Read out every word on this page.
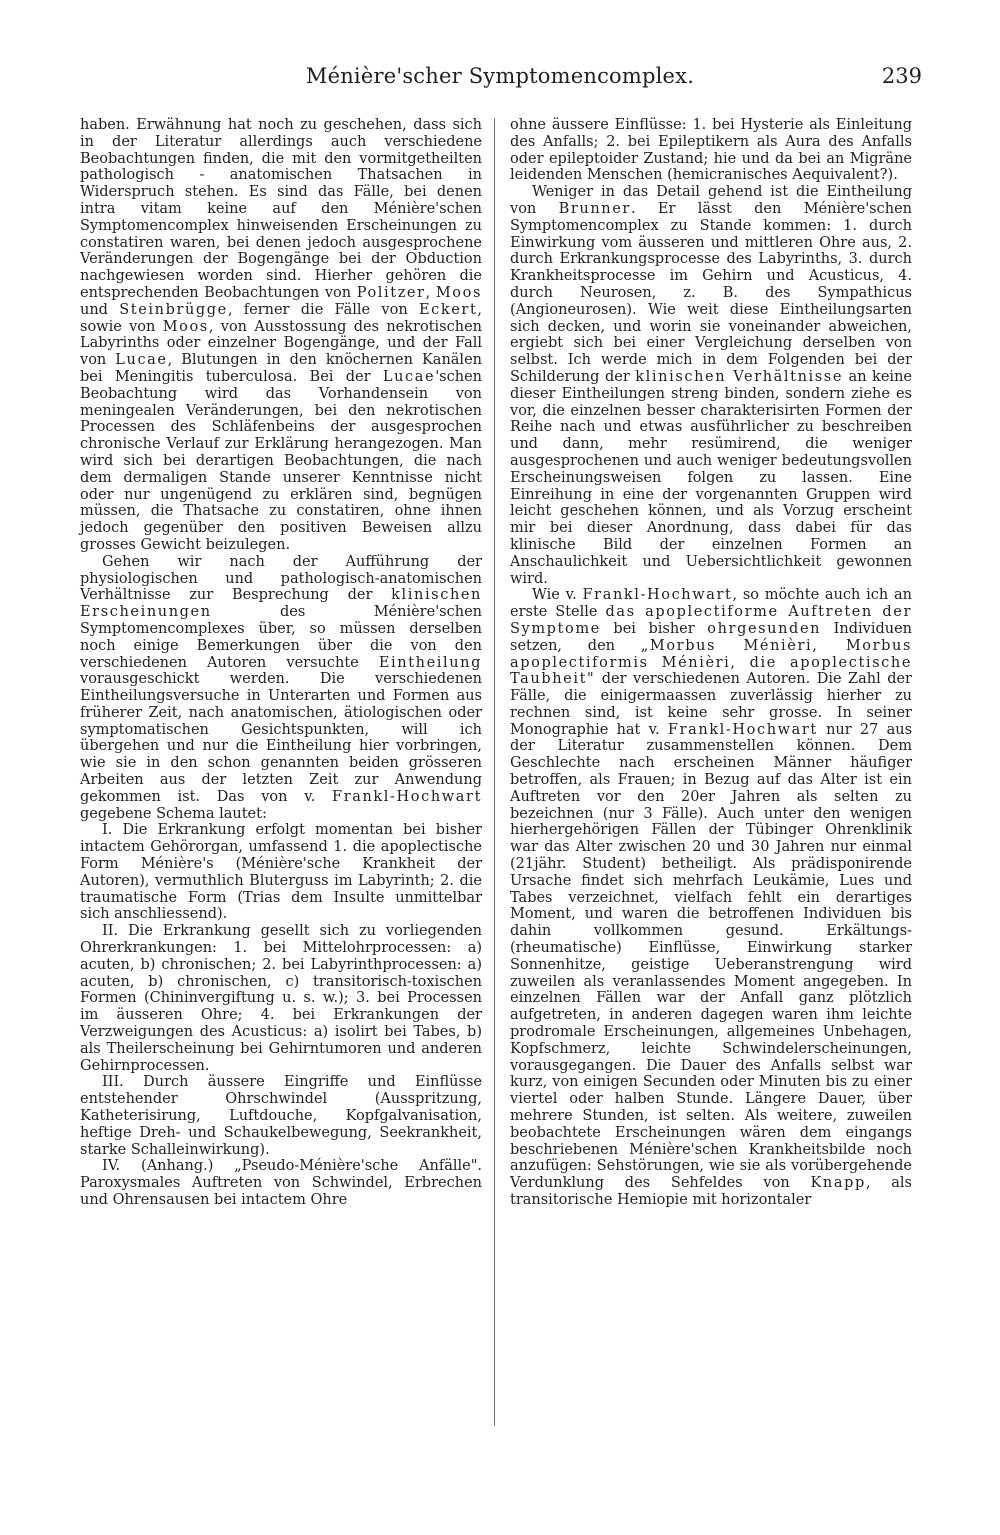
Ménière'scher Symptomencomplex.	239

haben. Erwähnung hat noch zu geschehen, dass sich in der Literatur allerdings auch verschiedene Beobachtungen finden, die mit den vormitgetheilten pathologisch - anatomischen Thatsachen in Widerspruch stehen. Es sind das Fälle, bei denen intra vitam keine auf den Ménière'schen Symptomencomplex hinweisenden Erscheinungen zu constatiren waren, bei denen jedoch ausgesprochene Veränderungen der Bogengänge bei der Obduction nachgewiesen worden sind. Hierher gehören die entsprechenden Beobachtungen von Politzer, Moos und Steinbrügge, ferner die Fälle von Eckert, sowie von Moos, von Ausstossung des nekrotischen Labyrinths oder einzelner Bogengänge, und der Fall von Lucae, Blutungen in den knöchernen Kanälen bei Meningitis tuberculosa. Bei der Lucae'schen Beobachtung wird das Vorhandensein von meningealen Veränderungen, bei den nekrotischen Processen des Schläfenbeins der ausgesprochen chronische Verlauf zur Erklärung herangezogen. Man wird sich bei derartigen Beobachtungen, die nach dem dermaligen Stande unserer Kenntnisse nicht oder nur ungenügend zu erklären sind, begnügen müssen, die Thatsache zu constatiren, ohne ihnen jedoch gegenüber den positiven Beweisen allzu grosses Gewicht beizulegen.

Gehen wir nach der Aufführung der physiologischen und pathologisch-anatomischen Verhältnisse zur Besprechung der klinischen Erscheinungen des Ménière'schen Symptomencomplexes über, so müssen derselben noch einige Bemerkungen über die von den verschiedenen Autoren versuchte Eintheilung vorausgeschickt werden. Die verschiedenen Eintheilungsversuche in Unterarten und Formen aus früherer Zeit, nach anatomischen, ätiologischen oder symptomatischen Gesichtspunkten, will ich übergehen und nur die Eintheilung hier vorbringen, wie sie in den schon genannten beiden grösseren Arbeiten aus der letzten Zeit zur Anwendung gekommen ist. Das von v. Frankl-Hochwart gegebene Schema lautet:

I. Die Erkrankung erfolgt momentan bei bisher intactem Gehörorgan, umfassend 1. die apoplectische Form Ménière's (Ménière'sche Krankheit der Autoren), vermuthlich Bluterguss im Labyrinth; 2. die traumatische Form (Trias dem Insulte unmittelbar sich anschliessend).

II. Die Erkrankung gesellt sich zu vorliegenden Ohrerkrankungen: 1. bei Mittelohrprocessen: a) acuten, b) chronischen; 2. bei Labyrinthprocessen: a) acuten, b) chronischen, c) transitorisch-toxischen Formen (Chininvergiftung u. s. w.); 3. bei Processen im äusseren Ohre; 4. bei Erkrankungen der Verzweigungen des Acusticus: a) isolirt bei Tabes, b) als Theilerscheinung bei Gehirntumoren und anderen Gehirnprocessen.

III. Durch äussere Eingriffe und Einflüsse entstehender Ohrschwindel (Ausspritzung, Katheterisirung, Luftdouche, Kopfgalvanisation, heftige Dreh- und Schaukelbewegung, Seekrankheit, starke Schalleinwirkung).

IV. (Anhang.) „Pseudo-Ménière'sche Anfälle". Paroxysmales Auftreten von Schwindel, Erbrechen und Ohrensausen bei intactem Ohre

ohne äussere Einflüsse: 1. bei Hysterie als Einleitung des Anfalls; 2. bei Epileptikern als Aura des Anfalls oder epileptoider Zustand; hie und da bei an Migräne leidenden Menschen (hemicranisches Aequivalent?).

Weniger in das Detail gehend ist die Eintheilung von Brunner. Er lässt den Ménière'schen Symptomencomplex zu Stande kommen: 1. durch Einwirkung vom äusseren und mittleren Ohre aus, 2. durch Erkrankungsprocesse des Labyrinths, 3. durch Krankheitsprocesse im Gehirn und Acusticus, 4. durch Neurosen, z. B. des Sympathicus (Angioneurosen). Wie weit diese Eintheilungsarten sich decken, und worin sie voneinander abweichen, ergiebt sich bei einer Vergleichung derselben von selbst. Ich werde mich in dem Folgenden bei der Schilderung der klinischen Verhältnisse an keine dieser Eintheilungen streng binden, sondern ziehe es vor, die einzelnen besser charakterisirten Formen der Reihe nach und etwas ausführlicher zu beschreiben und dann, mehr resümirend, die weniger ausgesprochenen und auch weniger bedeutungsvollen Erscheinungsweisen folgen zu lassen. Eine Einreihung in eine der vorgenannten Gruppen wird leicht geschehen können, und als Vorzug erscheint mir bei dieser Anordnung, dass dabei für das klinische Bild der einzelnen Formen an Anschaulichkeit und Uebersichtlichkeit gewonnen wird.

Wie v. Frankl-Hochwart, so möchte auch ich an erste Stelle das apoplectiforme Auftreten der Symptome bei bisher ohrgesunden Individuen setzen, den „Morbus Ménièri, Morbus apoplectiformis Ménièri, die apoplectische Taubheit" der verschiedenen Autoren. Die Zahl der Fälle, die einigermaassen zuverlässig hierher zu rechnen sind, ist keine sehr grosse. In seiner Monographie hat v. Frankl-Hochwart nur 27 aus der Literatur zusammenstellen können. Dem Geschlechte nach erscheinen Männer häufiger betroffen, als Frauen; in Bezug auf das Alter ist ein Auftreten vor den 20er Jahren als selten zu bezeichnen (nur 3 Fälle). Auch unter den wenigen hierhergehörigen Fällen der Tübinger Ohrenklinik war das Alter zwischen 20 und 30 Jahren nur einmal (21jähr. Student) betheiligt. Als prädisponirende Ursache findet sich mehrfach Leukämie, Lues und Tabes verzeichnet, vielfach fehlt ein derartiges Moment, und waren die betroffenen Individuen bis dahin vollkommen gesund. Erkältungs- (rheumatische) Einflüsse, Einwirkung starker Sonnenhitze, geistige Ueberanstrengung wird zuweilen als veranlassendes Moment angegeben. In einzelnen Fällen war der Anfall ganz plötzlich aufgetreten, in anderen dagegen waren ihm leichte prodromale Erscheinungen, allgemeines Unbehagen, Kopfschmerz, leichte Schwindelerscheinungen, vorausgegangen. Die Dauer des Anfalls selbst war kurz, von einigen Secunden oder Minuten bis zu einer viertel oder halben Stunde. Längere Dauer, über mehrere Stunden, ist selten. Als weitere, zuweilen beobachtete Erscheinungen wären dem eingangs beschriebenen Ménière'schen Krankheitsbilde noch anzufügen: Sehstörungen, wie sie als vorübergehende Verdunklung des Sehfeldes von Knapp, als transitorische Hemiopie mit horizontaler
